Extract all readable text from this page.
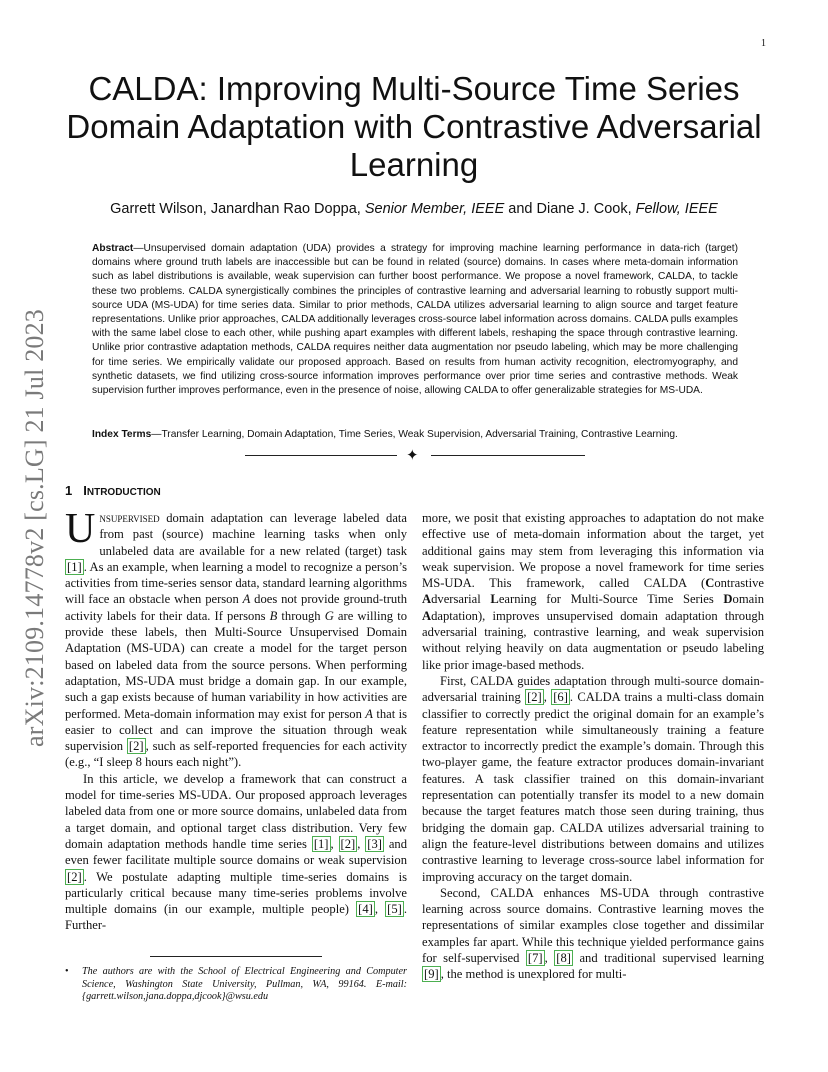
1
arXiv:2109.14778v2 [cs.LG] 21 Jul 2023
CALDA: Improving Multi-Source Time Series Domain Adaptation with Contrastive Adversarial Learning
Garrett Wilson, Janardhan Rao Doppa, Senior Member, IEEE and Diane J. Cook, Fellow, IEEE

Abstract—Unsupervised domain adaptation (UDA) provides a strategy for improving machine learning performance in data-rich (target) domains where ground truth labels are inaccessible but can be found in related (source) domains. In cases where meta-domain information such as label distributions is available, weak supervision can further boost performance. We propose a novel framework, CALDA, to tackle these two problems. CALDA synergistically combines the principles of contrastive learning and adversarial learning to robustly support multi-source UDA (MS-UDA) for time series data. Similar to prior methods, CALDA utilizes adversarial learning to align source and target feature representations. Unlike prior approaches, CALDA additionally leverages cross-source label information across domains. CALDA pulls examples with the same label close to each other, while pushing apart examples with different labels, reshaping the space through contrastive learning. Unlike prior contrastive adaptation methods, CALDA requires neither data augmentation nor pseudo labeling, which may be more challenging for time series. We empirically validate our proposed approach. Based on results from human activity recognition, electromyography, and synthetic datasets, we find utilizing cross-source information improves performance over prior time series and contrastive methods. Weak supervision further improves performance, even in the presence of noise, allowing CALDA to offer generalizable strategies for MS-UDA.

Index Terms—Transfer Learning, Domain Adaptation, Time Series, Weak Supervision, Adversarial Training, Contrastive Learning.
✦
1 INTRODUCTION

Unsupervised domain adaptation can leverage labeled data from past (source) machine learning tasks when only unlabeled data are available for a new related (target) task [1] . As an example, when learning a model to recognize a person’s activities from time-series sensor data, standard learning algorithms will face an obstacle when person A does not provide ground-truth activity labels for their data. If persons B through G are willing to provide these labels, then Multi-Source Unsupervised Domain Adaptation (MS-UDA) can create a model for the target person based on labeled data from the source persons. When performing adaptation, MS-UDA must bridge a domain gap. In our example, such a gap exists because of human variability in how activities are performed. Meta-domain information may exist for person A that is easier to collect and can improve the situation through weak supervision [2] , such as self-reported frequencies for each activity (e.g., “I sleep 8 hours each night”).

In this article, we develop a framework that can construct a model for time-series MS-UDA. Our proposed approach leverages labeled data from one or more source domains, unlabeled data from a target domain, and optional target class distribution. Very few domain adaptation methods handle time series [1] , [2] , [3] and even fewer facilitate multiple source domains or weak supervision [2] . We postulate adapting multiple time-series domains is particularly critical because many time-series problems involve multiple domains (in our example, multiple people) [4] , [5] . Further-

more, we posit that existing approaches to adaptation do not make effective use of meta-domain information about the target, yet additional gains may stem from leveraging this information via weak supervision. We propose a novel framework for time series MS-UDA. This framework, called CALDA (Contrastive Adversarial Learning for Multi-Source Time Series Domain Adaptation), improves unsupervised domain adaptation through adversarial training, contrastive learning, and weak supervision without relying heavily on data augmentation or pseudo labeling like prior image-based methods.

First, CALDA guides adaptation through multi-source domain-adversarial training [2] , [6] . CALDA trains a multi-class domain classifier to correctly predict the original domain for an example’s feature representation while simultaneously training a feature extractor to incorrectly predict the example’s domain. Through this two-player game, the feature extractor produces domain-invariant features. A task classifier trained on this domain-invariant representation can potentially transfer its model to a new domain because the target features match those seen during training, thus bridging the domain gap. CALDA utilizes adversarial training to align the feature-level distributions between domains and utilizes contrastive learning to leverage cross-source label information for improving accuracy on the target domain.

Second, CALDA enhances MS-UDA through contrastive learning across source domains. Contrastive learning moves the representations of similar examples close together and dissimilar examples far apart. While this technique yielded performance gains for self-supervised [7] , [8] and traditional supervised learning [9] , the method is unexplored for multi-

• The authors are with the School of Electrical Engineering and Computer Science, Washington State University, Pullman, WA, 99164. E-mail: {garrett.wilson,jana.doppa,djcook}@wsu.edu
